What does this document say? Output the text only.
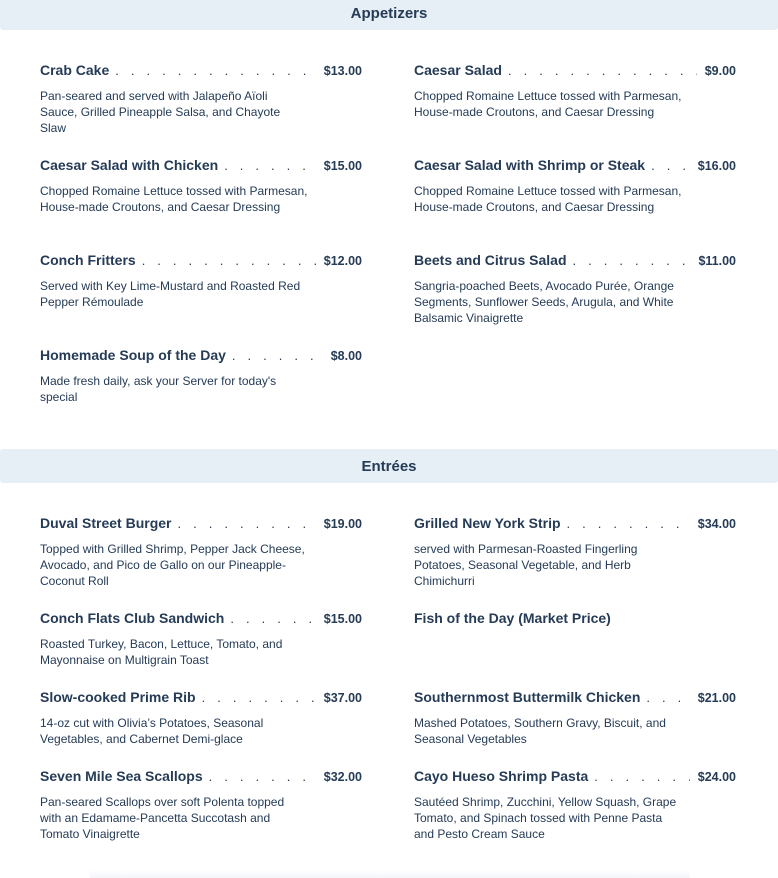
Appetizers
Crab Cake . . .	$13.00
Pan-seared and served with Jalapeño Aïoli Sauce, Grilled Pineapple Salsa, and Chayote Slaw
Caesar Salad . . .	$9.00
Chopped Romaine Lettuce tossed with Parmesan, House-made Croutons, and Caesar Dressing
Caesar Salad with Chicken . . .	$15.00
Chopped Romaine Lettuce tossed with Parmesan, House-made Croutons, and Caesar Dressing
Caesar Salad with Shrimp or Steak . . .	$16.00
Chopped Romaine Lettuce tossed with Parmesan, House-made Croutons, and Caesar Dressing
Conch Fritters . . .	$12.00
Served with Key Lime-Mustard and Roasted Red Pepper Rémoulade
Beets and Citrus Salad . . .	$11.00
Sangria-poached Beets, Avocado Purée, Orange Segments, Sunflower Seeds, Arugula, and White Balsamic Vinaigrette
Homemade Soup of the Day . . .	$8.00
Made fresh daily, ask your Server for today's special
Entrées
Duval Street Burger . . .	$19.00
Topped with Grilled Shrimp, Pepper Jack Cheese, Avocado, and Pico de Gallo on our Pineapple-Coconut Roll
Grilled New York Strip . . .	$34.00
served with Parmesan-Roasted Fingerling Potatoes, Seasonal Vegetable, and Herb Chimichurri
Conch Flats Club Sandwich . . .	$15.00
Roasted Turkey, Bacon, Lettuce, Tomato, and Mayonnaise on Multigrain Toast
Fish of the Day (Market Price)
Slow-cooked Prime Rib . . .	$37.00
14-oz cut with Olivia’s Potatoes, Seasonal Vegetables, and Cabernet Demi-glace
Southernmost Buttermilk Chicken . . .	$21.00
Mashed Potatoes, Southern Gravy, Biscuit, and Seasonal Vegetables
Seven Mile Sea Scallops . . .	$32.00
Pan-seared Scallops over soft Polenta topped with an Edamame-Pancetta Succotash and Tomato Vinaigrette
Cayo Hueso Shrimp Pasta . . .	$24.00
Sautéed Shrimp, Zucchini, Yellow Squash, Grape Tomato, and Spinach tossed with Penne Pasta and Pesto Cream Sauce
